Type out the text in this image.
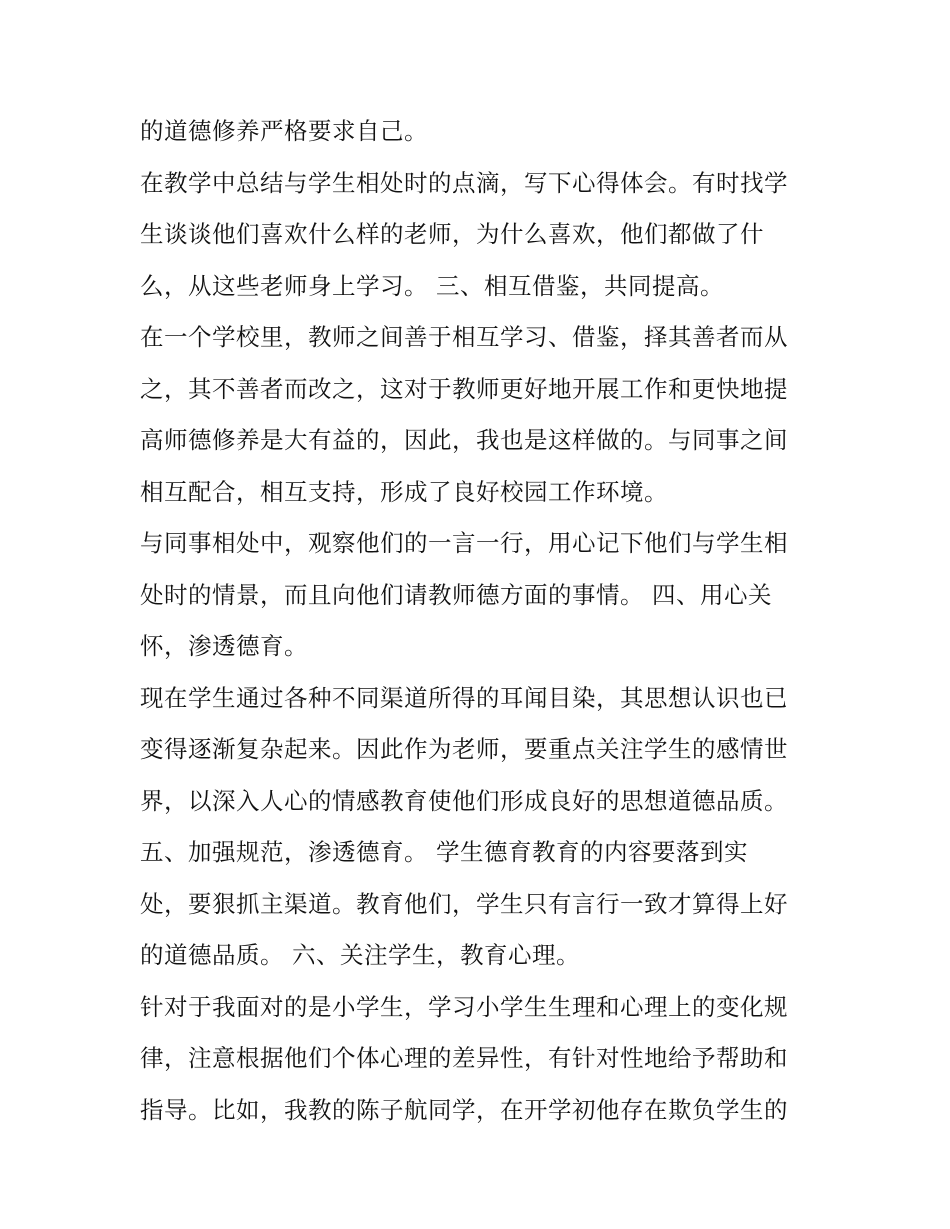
的道德修养严格要求自己。
在教学中总结与学生相处时的点滴，写下心得体会。有时找学
生谈谈他们喜欢什么样的老师，为什么喜欢，他们都做了什
么，从这些老师身上学习。 三、相互借鉴，共同提高。
在一个学校里，教师之间善于相互学习、借鉴，择其善者而从
之，其不善者而改之，这对于教师更好地开展工作和更快地提
高师德修养是大有益的，因此，我也是这样做的。与同事之间
相互配合，相互支持，形成了良好校园工作环境。
与同事相处中，观察他们的一言一行，用心记下他们与学生相
处时的情景，而且向他们请教师德方面的事情。 四、用心关
怀，渗透德育。
现在学生通过各种不同渠道所得的耳闻目染，其思想认识也已
变得逐渐复杂起来。因此作为老师，要重点关注学生的感情世
界，以深入人心的情感教育使他们形成良好的思想道德品质。
五、加强规范，渗透德育。 学生德育教育的内容要落到实
处，要狠抓主渠道。教育他们，学生只有言行一致才算得上好
的道德品质。 六、关注学生，教育心理。
针对于我面对的是小学生，学习小学生生理和心理上的变化规
律，注意根据他们个体心理的差异性，有针对性地给予帮助和
指导。比如，我教的陈子航同学，在开学初他存在欺负学生的
